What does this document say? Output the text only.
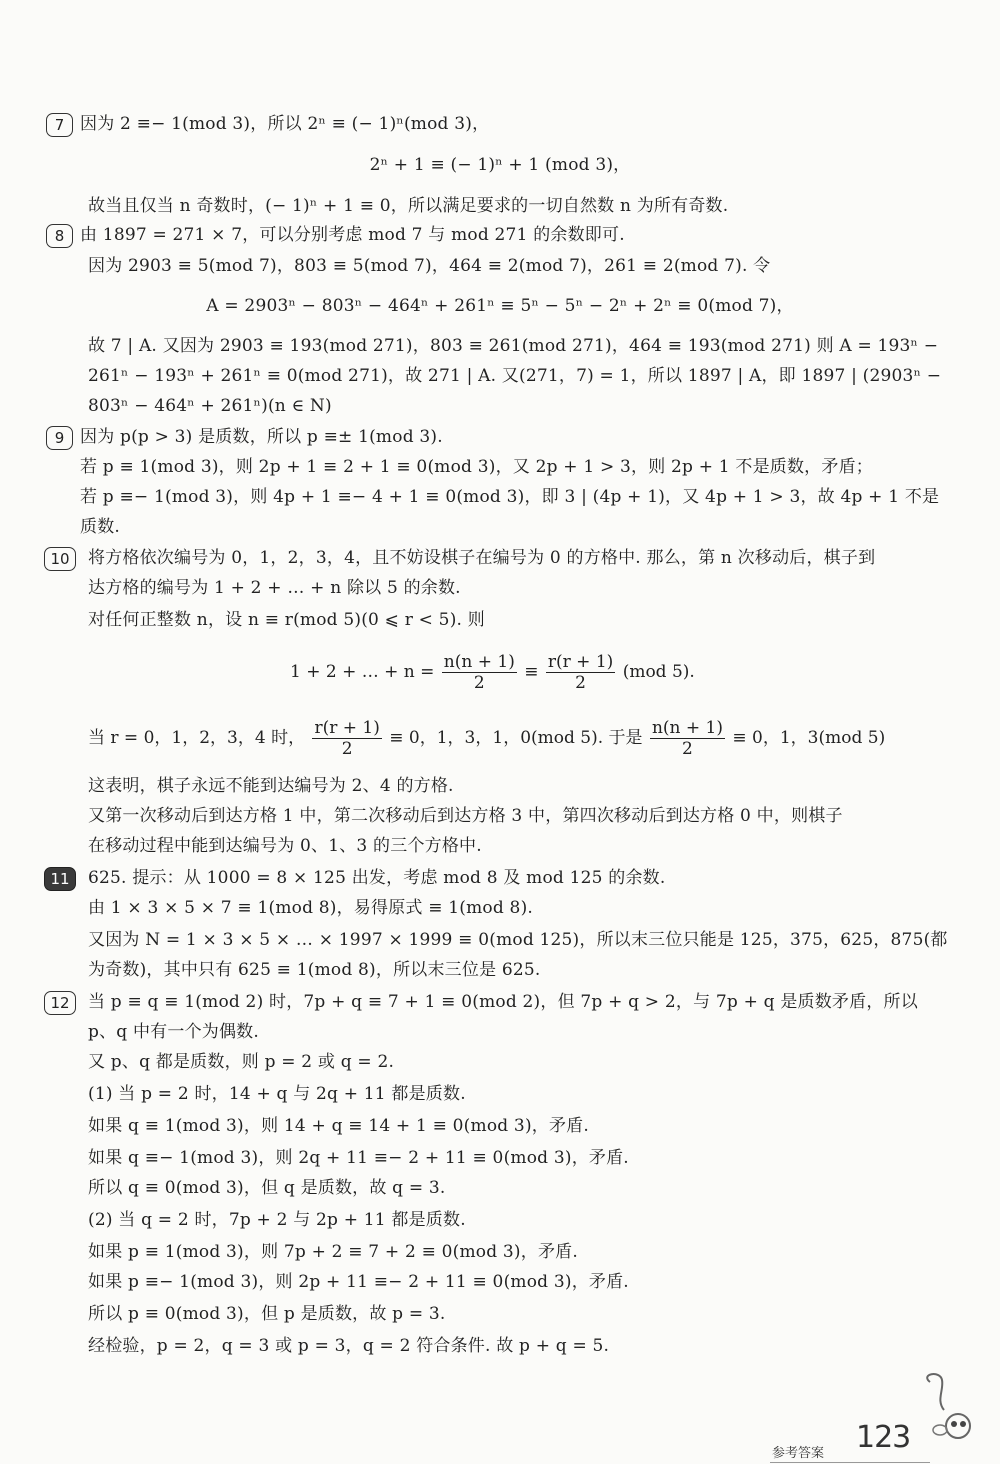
7 因为 2 ≡− 1(mod 3)，所以 2ⁿ ≡ (− 1)ⁿ(mod 3)，
2ⁿ + 1 ≡ (− 1)ⁿ + 1 (mod 3)，
故当且仅当 n 奇数时，(− 1)ⁿ + 1 ≡ 0，所以满足要求的一切自然数 n 为所有奇数.
8 由 1897 = 271 × 7，可以分别考虑 mod 7 与 mod 271 的余数即可.
因为 2903 ≡ 5(mod 7)，803 ≡ 5(mod 7)，464 ≡ 2(mod 7)，261 ≡ 2(mod 7). 令
A = 2903ⁿ − 803ⁿ − 464ⁿ + 261ⁿ ≡ 5ⁿ − 5ⁿ − 2ⁿ + 2ⁿ ≡ 0(mod 7)，
故 7 | A. 又因为 2903 ≡ 193(mod 271)，803 ≡ 261(mod 271)，464 ≡ 193(mod 271) 则 A = 193ⁿ −
261ⁿ − 193ⁿ + 261ⁿ ≡ 0(mod 271)，故 271 | A. 又(271，7) = 1，所以 1897 | A，即 1897 | (2903ⁿ −
803ⁿ − 464ⁿ + 261ⁿ)(n ∈ N)
9 因为 p(p > 3) 是质数，所以 p ≡± 1(mod 3).
若 p ≡ 1(mod 3)，则 2p + 1 ≡ 2 + 1 ≡ 0(mod 3)，又 2p + 1 > 3，则 2p + 1 不是质数，矛盾；
若 p ≡− 1(mod 3)，则 4p + 1 ≡− 4 + 1 ≡ 0(mod 3)，即 3 | (4p + 1)，又 4p + 1 > 3，故 4p + 1 不是
质数.
10	将方格依次编号为 0，1，2，3，4，且不妨设棋子在编号为 0 的方格中. 那么，第 n 次移动后，棋子到
达方格的编号为 1 + 2 + … + n 除以 5 的余数.
对任何正整数 n，设 n ≡ r(mod 5)(0 ⩽ r < 5). 则
1 + 2 + … + $n = \frac{n(n + 1)}{2} \equiv \frac{r(r + 1)}{2} (mod$ 5).
当 r = 0，1，2，3，4 时， $\frac{r(r + 1)}{2} \equiv 0$，1，3，1，0(mod 5). 于是 $\frac{n(n + 1)}{2} \equiv 0$，1，3(mod 5)
这表明，棋子永远不能到达编号为 2、4 的方格.
又第一次移动后到达方格 1 中，第二次移动后到达方格 3 中，第四次移动后到达方格 0 中，则棋子
在移动过程中能到达编号为 0、1、3 的三个方格中.
11	625. 提示：从 1000 = 8 × 125 出发，考虑 mod 8 及 mod 125 的余数.
由 1 × 3 × 5 × 7 ≡ 1(mod 8)，易得原式 ≡ 1(mod 8).
又因为 N = 1 × 3 × 5 × … × 1997 × 1999 ≡ 0(mod 125)，所以末三位只能是 125，375，625，875(都
为奇数)，其中只有 625 ≡ 1(mod 8)，所以末三位是 625.
12	当 p ≡ q ≡ 1(mod 2) 时，7p + q ≡ 7 + 1 ≡ 0(mod 2)，但 7p + q > 2，与 7p + q 是质数矛盾，所以
p、q 中有一个为偶数.
又 p、q 都是质数，则 p = 2 或 q = 2.
(1) 当 p = 2 时，14 + q 与 2q + 11 都是质数.
如果 q ≡ 1(mod 3)，则 14 + q ≡ 14 + 1 ≡ 0(mod 3)，矛盾.
如果 q ≡− 1(mod 3)，则 2q + 11 ≡− 2 + 11 ≡ 0(mod 3)，矛盾.
所以 q ≡ 0(mod 3)，但 q 是质数，故 q = 3.
(2) 当 q = 2 时，7p + 2 与 2p + 11 都是质数.
如果 p ≡ 1(mod 3)，则 7p + 2 ≡ 7 + 2 ≡ 0(mod 3)，矛盾.
如果 p ≡− 1(mod 3)，则 2p + 11 ≡− 2 + 11 ≡ 0(mod 3)，矛盾.
所以 p ≡ 0(mod 3)，但 p 是质数，故 p = 3.
经检验，p = 2，q = 3 或 p = 3，q = 2 符合条件. 故 p + q = 5.
参考答案 123
